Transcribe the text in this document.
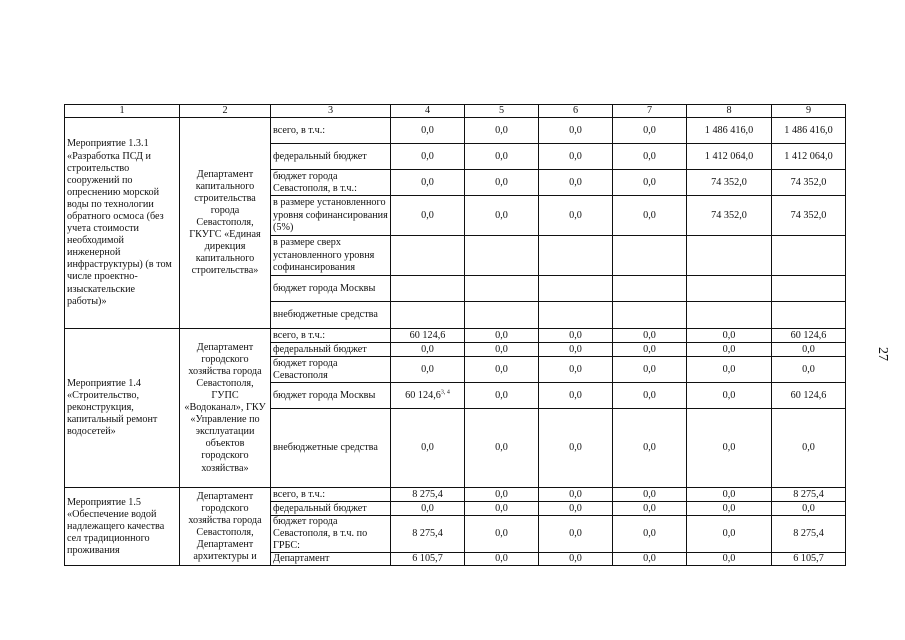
1	2	3	4	5	6	7	8	9
Мероприятие 1.3.1 «Разработка ПСД и строительство сооружений по опреснению морской воды по технологии обратного осмоса (без учета стоимости необходимой инженерной инфраструктуры) (в том числе проектно-изыскательские работы)»	Департамент капитального строительства города Севастополя, ГКУГС «Единая дирекция капитального строительства»	всего, в т.ч.:	0,0	0,0	0,0	0,0	1 486 416,0	1 486 416,0
		федеральный бюджет	0,0	0,0	0,0	0,0	1 412 064,0	1 412 064,0
		бюджет города Севастополя, в т.ч.:	0,0	0,0	0,0	0,0	74 352,0	74 352,0
		в размере установленного уровня софинансирования (5%)	0,0	0,0	0,0	0,0	74 352,0	74 352,0
		в размере сверх установленного уровня софинансирования						
		бюджет города Москвы						
		внебюджетные средства						
Мероприятие 1.4 «Строительство, реконструкция, капитальный ремонт водосетей»	Департамент городского хозяйства города Севастополя, ГУПС «Водоканал», ГКУ «Управление по эксплуатации объектов городского хозяйства»	всего, в т.ч.:	60 124,6	0,0	0,0	0,0	0,0	60 124,6
		федеральный бюджет	0,0	0,0	0,0	0,0	0,0	0,0
		бюджет города Севастополя	0,0	0,0	0,0	0,0	0,0	0,0
		бюджет города Москвы	60 124,6$^{3, 4}$	0,0	0,0	0,0	0,0	60 124,6
		внебюджетные средства	0,0	0,0	0,0	0,0	0,0	0,0
Мероприятие 1.5 «Обеспечение водой надлежащего качества сел традиционного проживания	Департамент городского хозяйства города Севастополя, Департамент архитектуры и	всего, в т.ч.:	8 275,4	0,0	0,0	0,0	0,0	8 275,4
		федеральный бюджет	0,0	0,0	0,0	0,0	0,0	0,0
		бюджет города Севастополя, в т.ч. по ГРБС:	8 275,4	0,0	0,0	0,0	0,0	8 275,4
		Департамент	6 105,7	0,0	0,0	0,0	0,0	6 105,7
27
